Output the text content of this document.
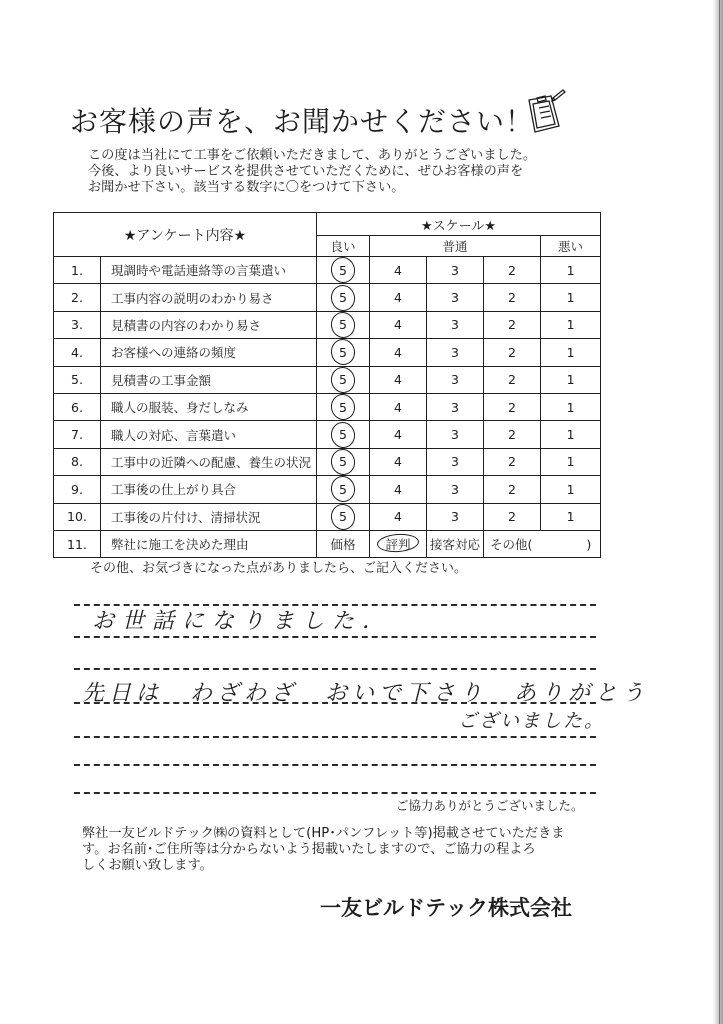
お客様の声を、お聞かせください！
この度は当社にて工事をご依頼いただきまして、ありがとうございました。
今後、より良いサービスを提供させていただくために、ぜひお客様の声を
お聞かせ下さい。該当する数字に〇をつけて下さい。
★アンケート内容★		★スケール★				
		良い	普通			悪い
1.	現調時や電話連絡等の言葉遣い	5	4	3	2	1
2.	工事内容の説明のわかり易さ	5	4	3	2	1
3.	見積書の内容のわかり易さ	5	4	3	2	1
4.	お客様への連絡の頻度	5	4	3	2	1
5.	見積書の工事金額	5	4	3	2	1
6.	職人の服装、身だしなみ	5	4	3	2	1
7.	職人の対応、言葉遣い	5	4	3	2	1
8.	工事中の近隣への配慮、養生の状況	5	4	3	2	1
9.	工事後の仕上がり具合	5	4	3	2	1
10.	工事後の片付け、清掃状況	5	4	3	2	1
11.	弊社に施工を決めた理由	価格	評判	接客対応	その他( )	
その他、お気づきになった点がありましたら、ご記入ください。
お世話になりました．
先日は　わざわざ　おいで下さり　ありがとう
ございました。
ご協力ありがとうございました。
弊社一友ビルドテック㈱の資料として(HP･パンフレット等)掲載させていただきま
す。お名前･ご住所等は分からないよう掲載いたしますので、ご協力の程よろ
しくお願い致します。
一友ビルドテック株式会社
